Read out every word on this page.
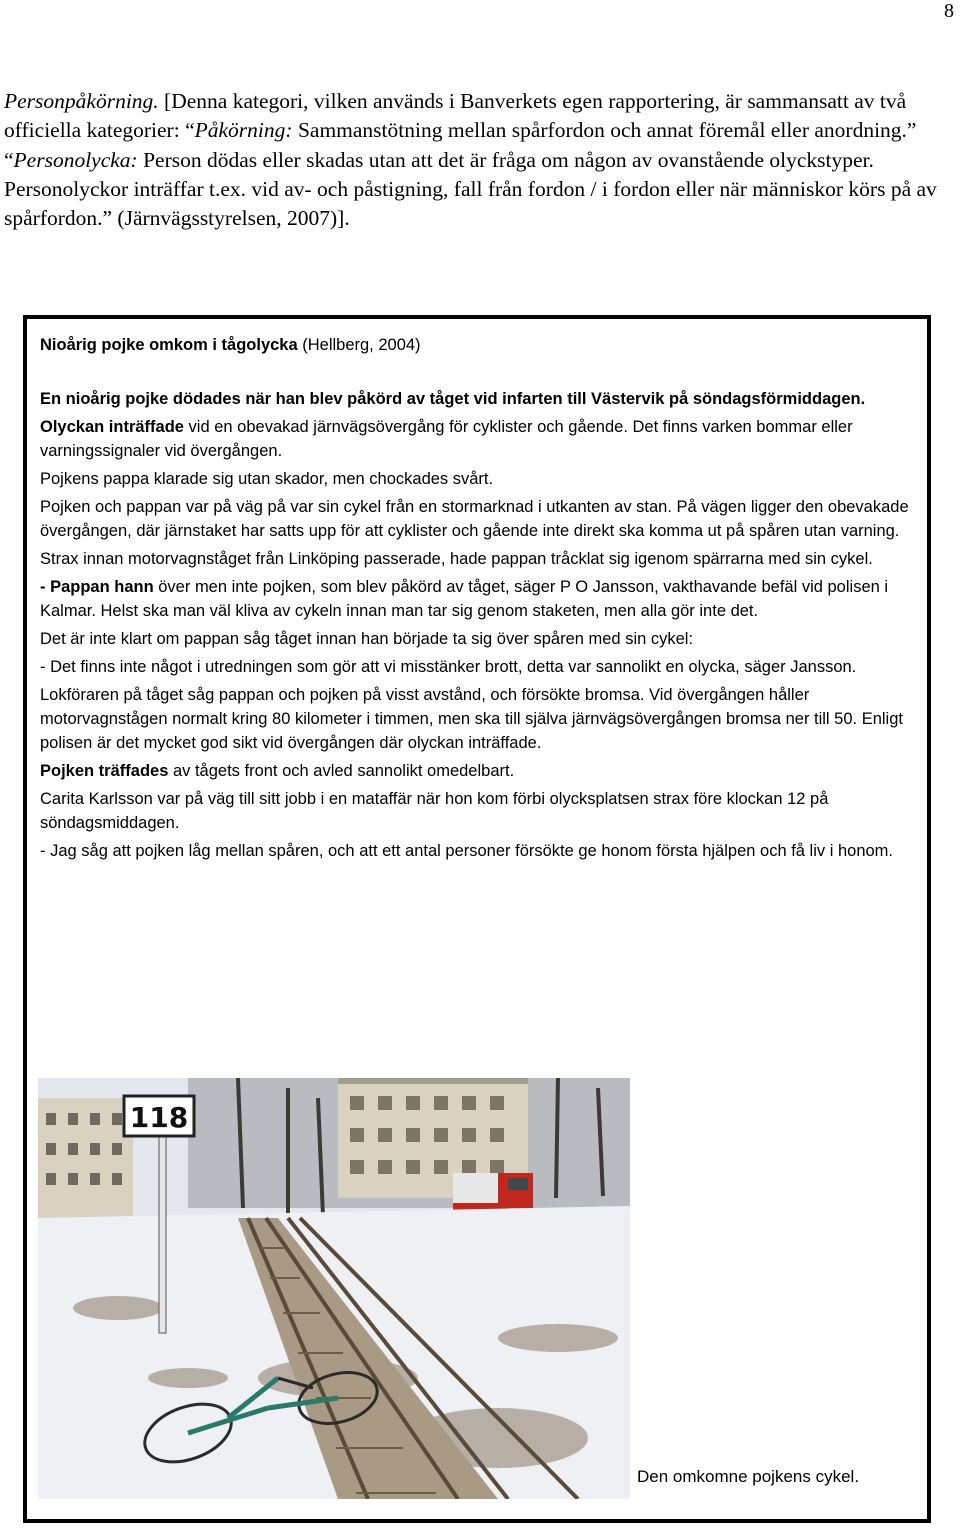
8

Personpåkörning. [Denna kategori, vilken används i Banverkets egen rapportering, är sammansatt av två officiella kategorier: “Påkörning: Sammanstötning mellan spårfordon och annat föremål eller anordning.” “Personolycka: Person dödas eller skadas utan att det är fråga om någon av ovanstående olyckstyper. Personolyckor inträffar t.ex. vid av- och påstigning, fall från fordon / i fordon eller när människor körs på av spårfordon.” (Järnvägsstyrelsen, 2007)].

Nioårig pojke omkom i tågolycka (Hellberg, 2004)

En nioårig pojke dödades när han blev påkörd av tåget vid infarten till Västervik på söndagsförmiddagen.

Olyckan inträffade vid en obevakad järnvägsövergång för cyklister och gående. Det finns varken bommar eller varningssignaler vid övergången.

Pojkens pappa klarade sig utan skador, men chockades svårt.

Pojken och pappan var på väg på var sin cykel från en stormarknad i utkanten av stan. På vägen ligger den obevakade övergången, där järnstaket har satts upp för att cyklister och gående inte direkt ska komma ut på spåren utan varning.

Strax innan motorvagnståget från Linköping passerade, hade pappan tråcklat sig igenom spärrarna med sin cykel.

- Pappan hann över men inte pojken, som blev påkörd av tåget, säger P O Jansson, vakthavande befäl vid polisen i Kalmar. Helst ska man väl kliva av cykeln innan man tar sig genom staketen, men alla gör inte det.

Det är inte klart om pappan såg tåget innan han började ta sig över spåren med sin cykel:

- Det finns inte något i utredningen som gör att vi misstänker brott, detta var sannolikt en olycka, säger Jansson.

Lokföraren på tåget såg pappan och pojken på visst avstånd, och försökte bromsa. Vid övergången håller motorvagnstågen normalt kring 80 kilometer i timmen, men ska till själva järnvägsövergången bromsa ner till 50. Enligt polisen är det mycket god sikt vid övergången där olyckan inträffade.

Pojken träffades av tågets front och avled sannolikt omedelbart.

Carita Karlsson var på väg till sitt jobb i en mataffär när hon kom förbi olycksplatsen strax före klockan 12 på söndagsmiddagen.

- Jag såg att pojken låg mellan spåren, och att ett antal personer försökte ge honom första hjälpen och få liv i honom.

118
Den omkomne pojkens cykel.
